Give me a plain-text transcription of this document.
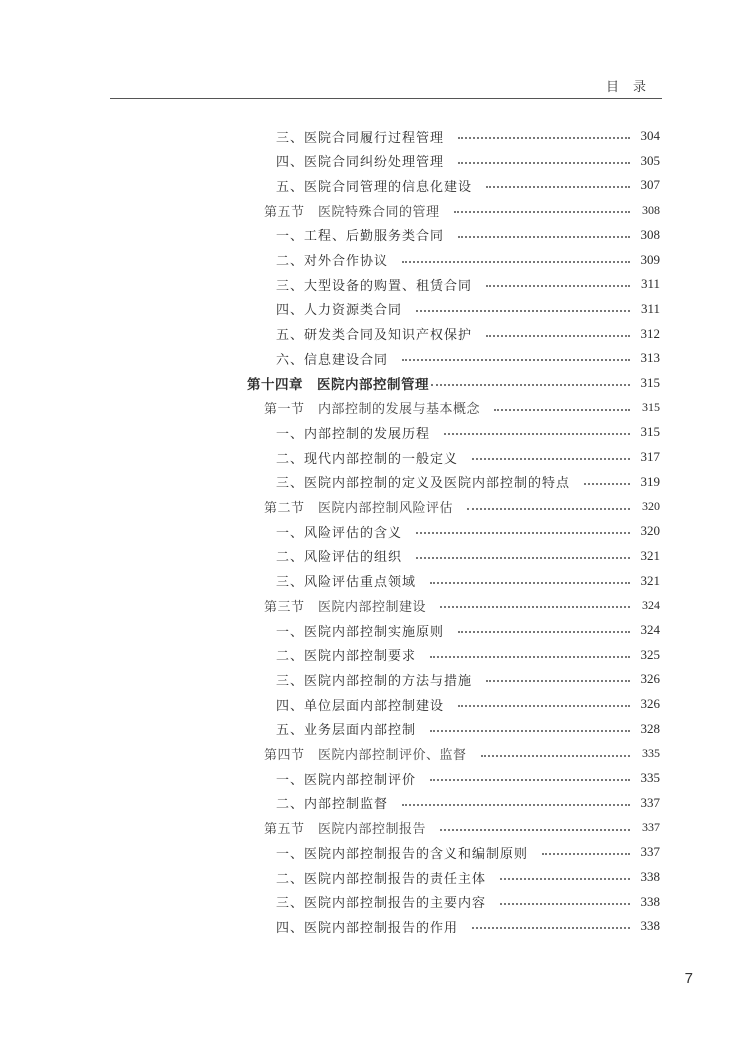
目录
三、医院合同履行过程管理	304
四、医院合同纠纷处理管理	305
五、医院合同管理的信息化建设	307
第五节　医院特殊合同的管理	308
一、工程、后勤服务类合同	308
二、对外合作协议	309
三、大型设备的购置、租赁合同	311
四、人力资源类合同	311
五、研发类合同及知识产权保护	312
六、信息建设合同	313
第十四章　医院内部控制管理	315
第一节　内部控制的发展与基本概念	315
一、内部控制的发展历程	315
二、现代内部控制的一般定义	317
三、医院内部控制的定义及医院内部控制的特点	319
第二节　医院内部控制风险评估	320
一、风险评估的含义	320
二、风险评估的组织	321
三、风险评估重点领域	321
第三节　医院内部控制建设	324
一、医院内部控制实施原则	324
二、医院内部控制要求	325
三、医院内部控制的方法与措施	326
四、单位层面内部控制建设	326
五、业务层面内部控制	328
第四节　医院内部控制评价、监督	335
一、医院内部控制评价	335
二、内部控制监督	337
第五节　医院内部控制报告	337
一、医院内部控制报告的含义和编制原则	337
二、医院内部控制报告的责任主体	338
三、医院内部控制报告的主要内容	338
四、医院内部控制报告的作用	338
7
